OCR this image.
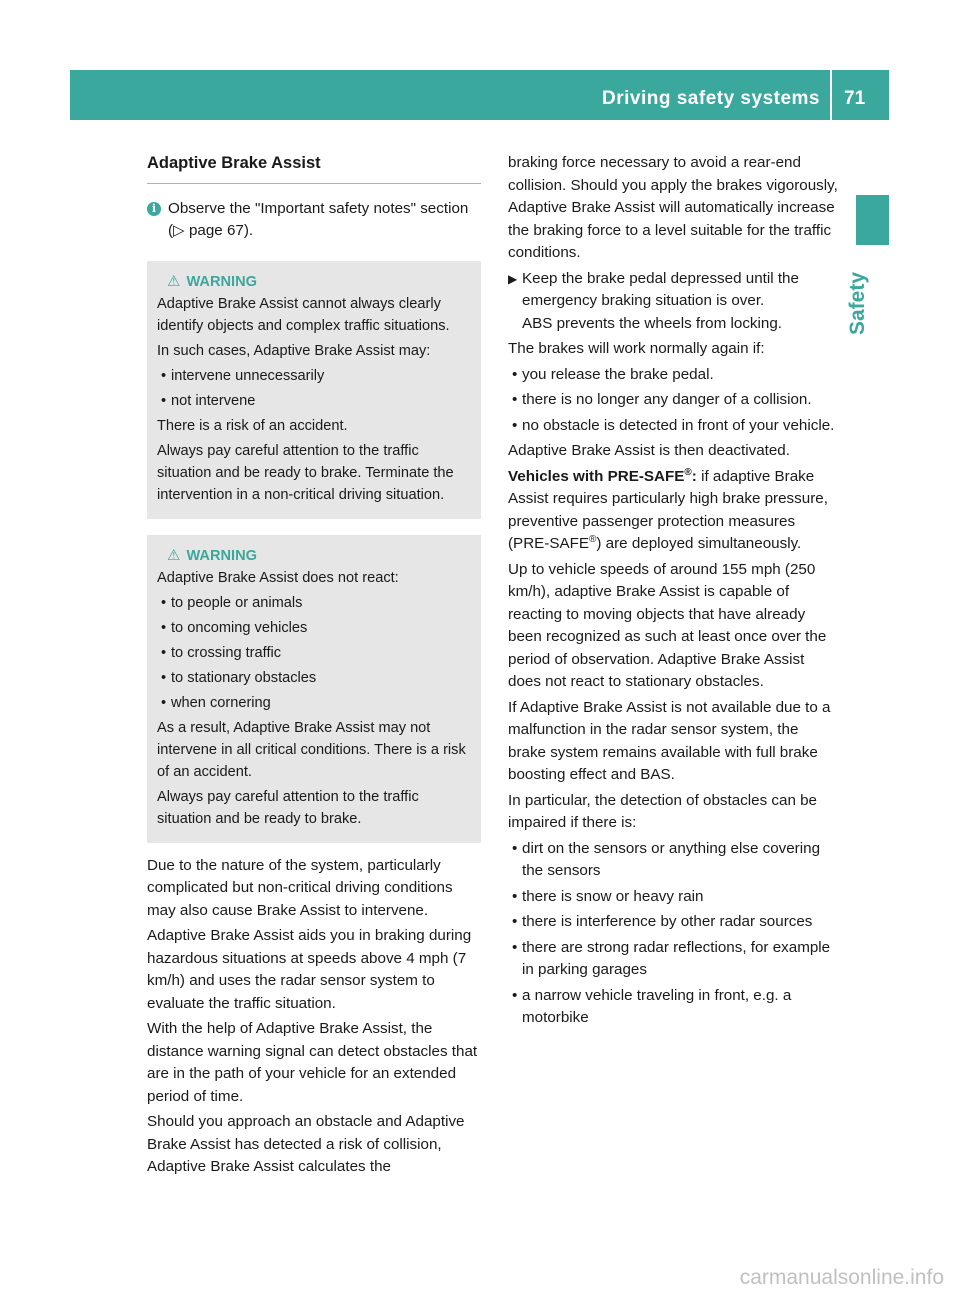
Driving safety systems 71
Safety
Adaptive Brake Assist
i Observe the "Important safety notes" section (▷ page 67).
⚠ WARNING

Adaptive Brake Assist cannot always clearly identify objects and complex traffic situations.

In such cases, Adaptive Brake Assist may:

• intervene unnecessarily
• not intervene

There is a risk of an accident.

Always pay careful attention to the traffic situation and be ready to brake. Terminate the intervention in a non-critical driving situation.

⚠ WARNING

Adaptive Brake Assist does not react:

• to people or animals
• to oncoming vehicles
• to crossing traffic
• to stationary obstacles
• when cornering

As a result, Adaptive Brake Assist may not intervene in all critical conditions. There is a risk of an accident.

Always pay careful attention to the traffic situation and be ready to brake.

Due to the nature of the system, particularly complicated but non-critical driving conditions may also cause Brake Assist to intervene.

Adaptive Brake Assist aids you in braking during hazardous situations at speeds above 4 mph (7 km/h) and uses the radar sensor system to evaluate the traffic situation.

With the help of Adaptive Brake Assist, the distance warning signal can detect obstacles that are in the path of your vehicle for an extended period of time.

Should you approach an obstacle and Adaptive Brake Assist has detected a risk of collision, Adaptive Brake Assist calculates the

braking force necessary to avoid a rear-end collision. Should you apply the brakes vigorously, Adaptive Brake Assist will automatically increase the braking force to a level suitable for the traffic conditions.

▶ Keep the brake pedal depressed until the emergency braking situation is over.
ABS prevents the wheels from locking.

The brakes will work normally again if:

• you release the brake pedal.
• there is no longer any danger of a collision.
• no obstacle is detected in front of your vehicle.

Adaptive Brake Assist is then deactivated.

Vehicles with PRE-SAFE®: if adaptive Brake Assist requires particularly high brake pressure, preventive passenger protection measures (PRE-SAFE®) are deployed simultaneously.

Up to vehicle speeds of around 155 mph (250 km/h), adaptive Brake Assist is capable of reacting to moving objects that have already been recognized as such at least once over the period of observation. Adaptive Brake Assist does not react to stationary obstacles.

If Adaptive Brake Assist is not available due to a malfunction in the radar sensor system, the brake system remains available with full brake boosting effect and BAS.

In particular, the detection of obstacles can be impaired if there is:

• dirt on the sensors or anything else covering the sensors
• there is snow or heavy rain
• there is interference by other radar sources
• there are strong radar reflections, for example in parking garages
• a narrow vehicle traveling in front, e.g. a motorbike
carmanualsonline.info
